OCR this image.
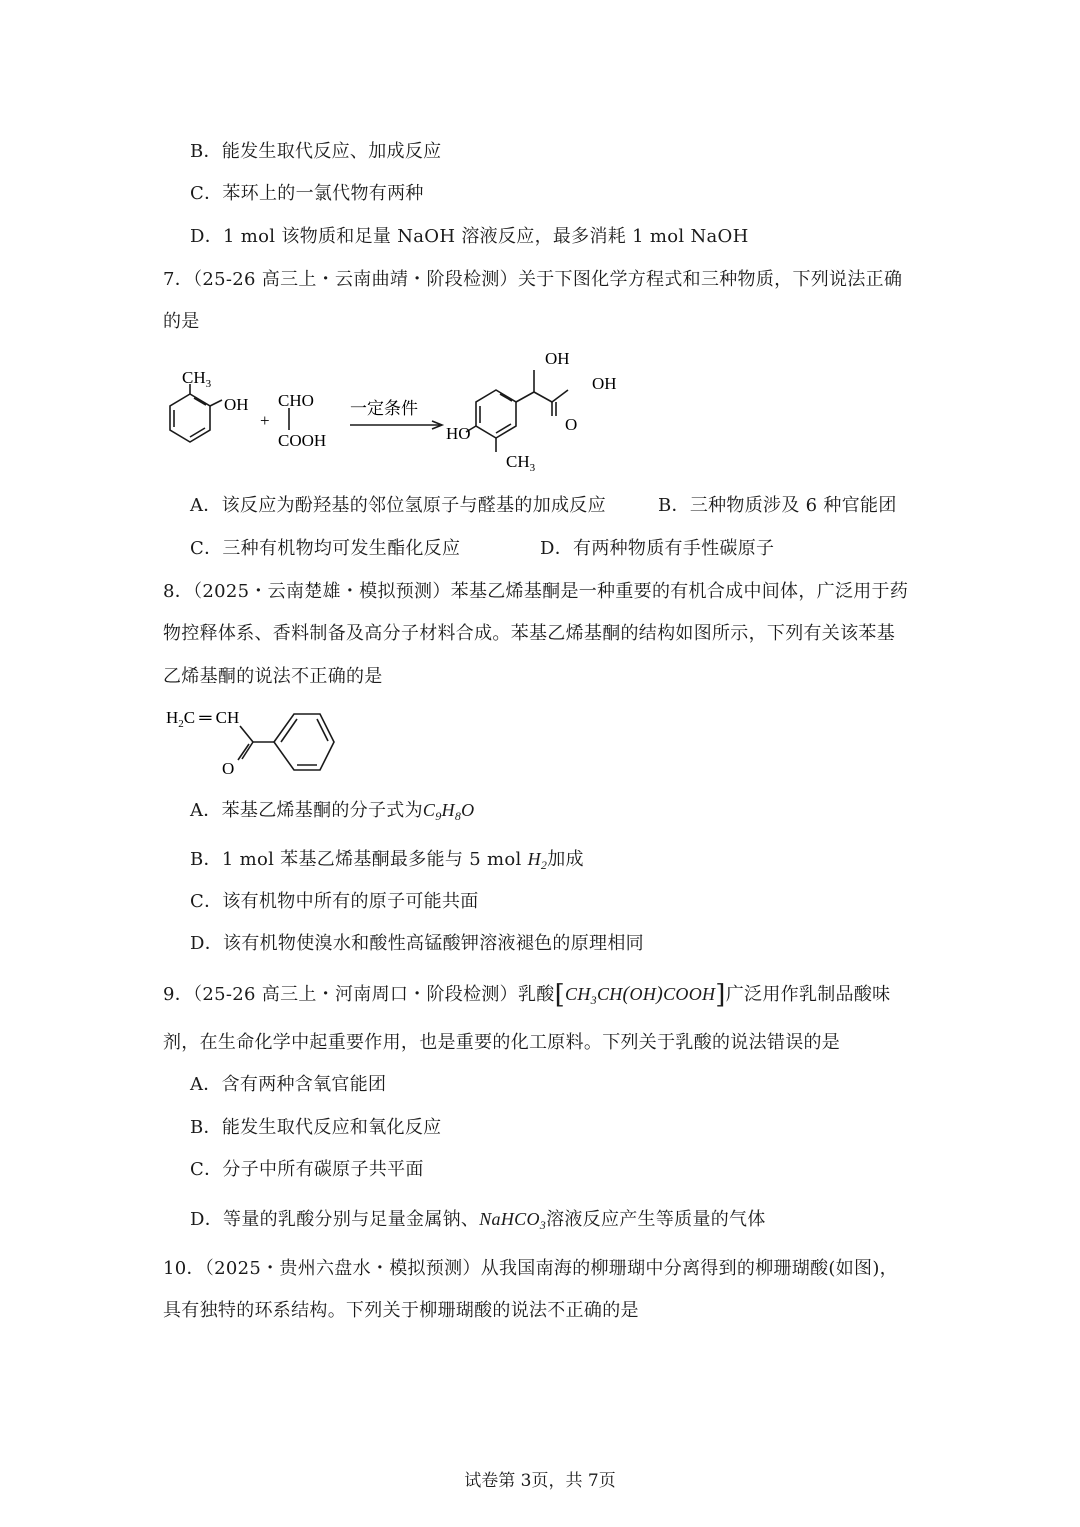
B．能发生取代反应、加成反应
C．苯环上的一氯代物有两种
D．1 mol 该物质和足量 NaOH 溶液反应，最多消耗 1 mol NaOH
7．（25-26 高三上・云南曲靖・阶段检测）关于下图化学方程式和三种物质，下列说法正确
的是
$CH_3$
OH
+
CHO
COOH
一定条件
OH
OH
O
HO
$CH_3$
A．该反应为酚羟基的邻位氢原子与醛基的加成反应	B．三种物质涉及 6 种官能团
C．三种有机物均可发生酯化反应	D．有两种物质有手性碳原子
8．（2025・云南楚雄・模拟预测）苯基乙烯基酮是一种重要的有机合成中间体，广泛用于药
物控释体系、香料制备及高分子材料合成。苯基乙烯基酮的结构如图所示，下列有关该苯基
乙烯基酮的说法不正确的是
$H_2C$ ═ CH
O
A．苯基乙烯基酮的分子式为$C_9H_8O$
B．1 mol 苯基乙烯基酮最多能与 5 mol $H_2$加成
C．该有机物中所有的原子可能共面
D．该有机物使溴水和酸性高锰酸钾溶液褪色的原理相同
9．（25-26 高三上・河南周口・阶段检测）乳酸$[CH_3CH(OH)COOH]$广泛用作乳制品酸味
剂，在生命化学中起重要作用，也是重要的化工原料。下列关于乳酸的说法错误的是
A．含有两种含氧官能团
B．能发生取代反应和氧化反应
C．分子中所有碳原子共平面
D．等量的乳酸分别与足量金属钠、NaHCO$_3$溶液反应产生等质量的气体
10．（2025・贵州六盘水・模拟预测）从我国南海的柳珊瑚中分离得到的柳珊瑚酸(如图)，
具有独特的环系结构。下列关于柳珊瑚酸的说法不正确的是
试卷第 3页，共 7页
